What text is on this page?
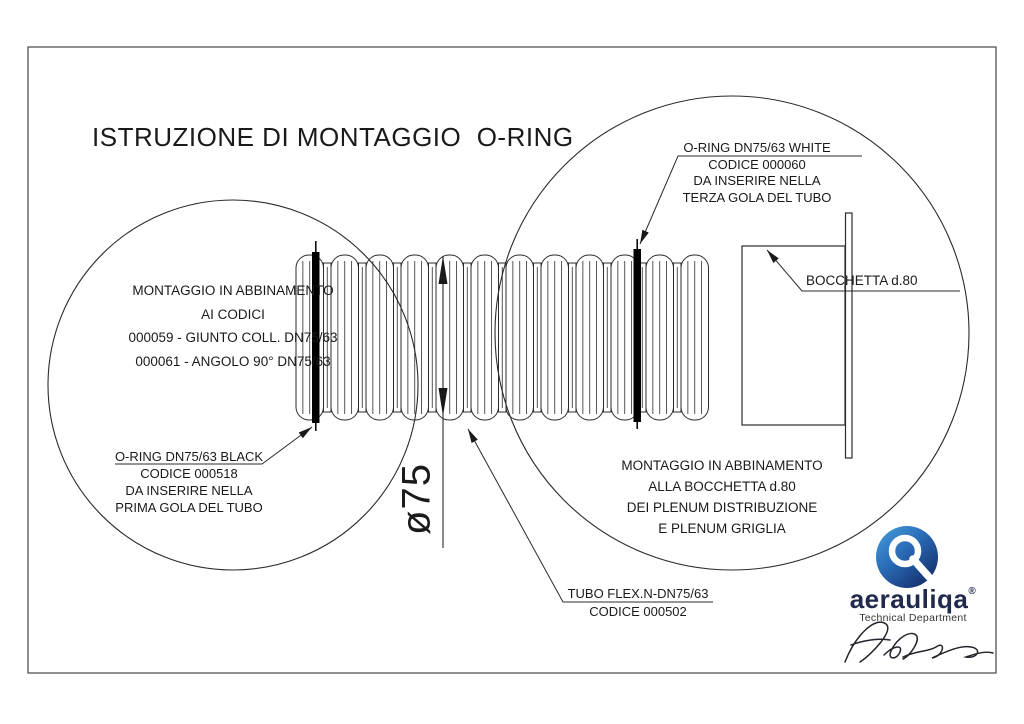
ISTRUZIONE DI MONTAGGIO  O-RING
MONTAGGIO IN ABBINAMENTO
AI CODICI
000059 - GIUNTO COLL. DN75/63
000061 - ANGOLO 90° DN75/63
O-RING DN75/63 BLACK
CODICE 000518
DA INSERIRE NELLA
PRIMA GOLA DEL TUBO
O-RING DN75/63 WHITE
CODICE 000060
DA INSERIRE NELLA
TERZA GOLA DEL TUBO
BOCCHETTA d.80
MONTAGGIO IN ABBINAMENTO
ALLA BOCCHETTA d.80
DEI PLENUM DISTRIBUZIONE
E PLENUM GRIGLIA
TUBO FLEX.N-DN75/63
CODICE 000502
ø75
aerauliqa®
Technical Department
